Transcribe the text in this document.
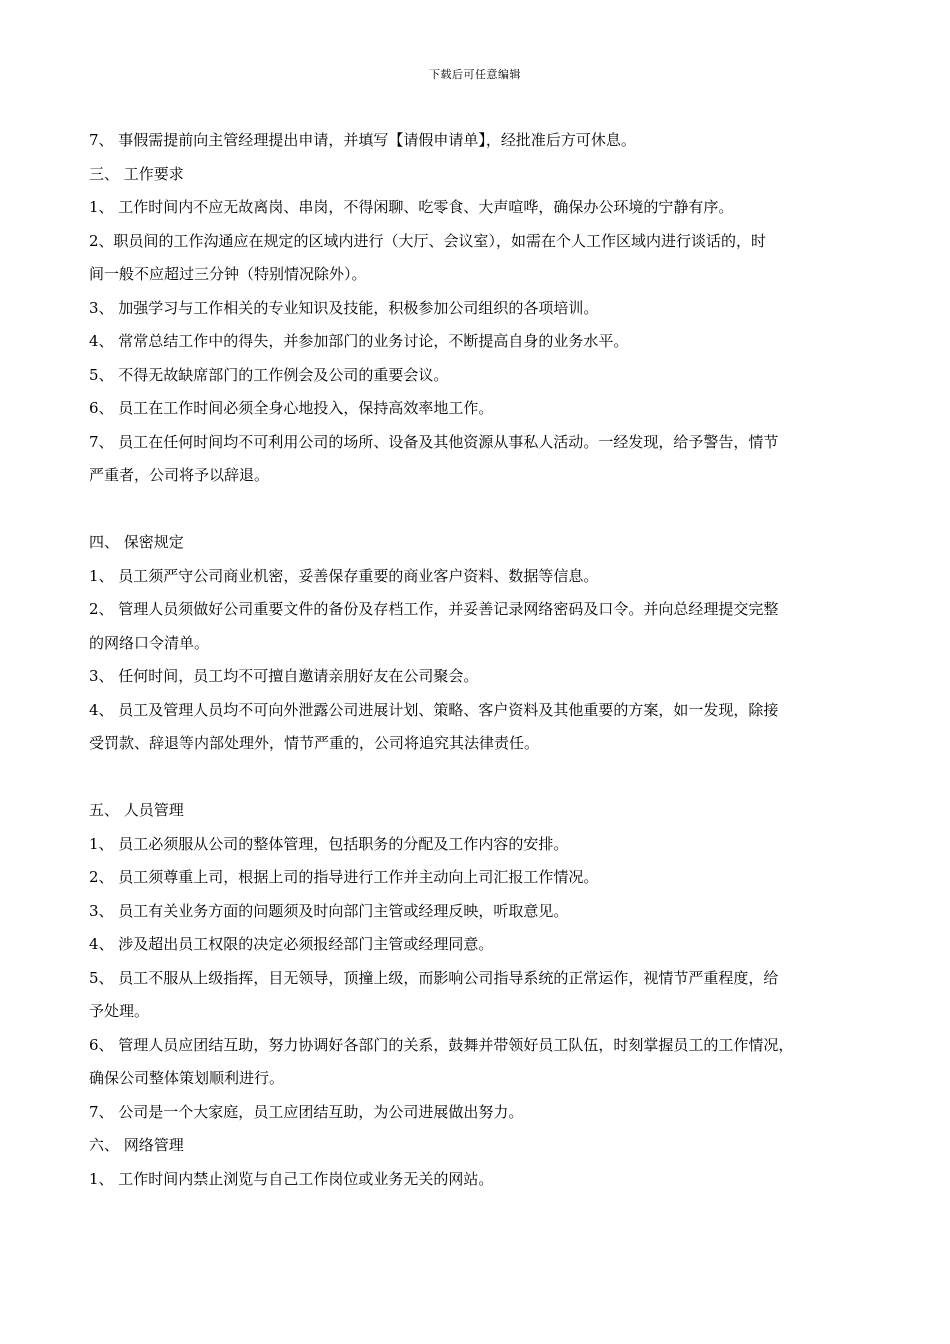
下载后可任意编辑
7、 事假需提前向主管经理提出申请，并填写【请假申请单】，经批准后方可休息。
三、 工作要求
1、 工作时间内不应无故离岗、串岗，不得闲聊、吃零食、大声喧哗，确保办公环境的宁静有序。
2、职员间的工作沟通应在规定的区域内进行（大厅、会议室），如需在个人工作区域内进行谈话的，时
间一般不应超过三分钟（特别情况除外）。
3、 加强学习与工作相关的专业知识及技能，积极参加公司组织的各项培训。
4、 常常总结工作中的得失，并参加部门的业务讨论，不断提高自身的业务水平。
5、 不得无故缺席部门的工作例会及公司的重要会议。
6、 员工在工作时间必须全身心地投入，保持高效率地工作。
7、 员工在任何时间均不可利用公司的场所、设备及其他资源从事私人活动。一经发现，给予警告，情节
严重者，公司将予以辞退。
四、 保密规定
1、 员工须严守公司商业机密，妥善保存重要的商业客户资料、数据等信息。
2、 管理人员须做好公司重要文件的备份及存档工作，并妥善记录网络密码及口令。并向总经理提交完整
的网络口令清单。
3、 任何时间，员工均不可擅自邀请亲朋好友在公司聚会。
4、 员工及管理人员均不可向外泄露公司进展计划、策略、客户资料及其他重要的方案，如一发现，除接
受罚款、辞退等内部处理外，情节严重的，公司将追究其法律责任。
五、 人员管理
1、 员工必须服从公司的整体管理，包括职务的分配及工作内容的安排。
2、 员工须尊重上司，根据上司的指导进行工作并主动向上司汇报工作情况。
3、 员工有关业务方面的问题须及时向部门主管或经理反映，听取意见。
4、 涉及超出员工权限的决定必须报经部门主管或经理同意。
5、 员工不服从上级指挥，目无领导，顶撞上级，而影响公司指导系统的正常运作，视情节严重程度，给
予处理。
6、 管理人员应团结互助，努力协调好各部门的关系，鼓舞并带领好员工队伍，时刻掌握员工的工作情况，
确保公司整体策划顺利进行。
7、 公司是一个大家庭，员工应团结互助，为公司进展做出努力。
六、 网络管理
1、 工作时间内禁止浏览与自己工作岗位或业务无关的网站。
